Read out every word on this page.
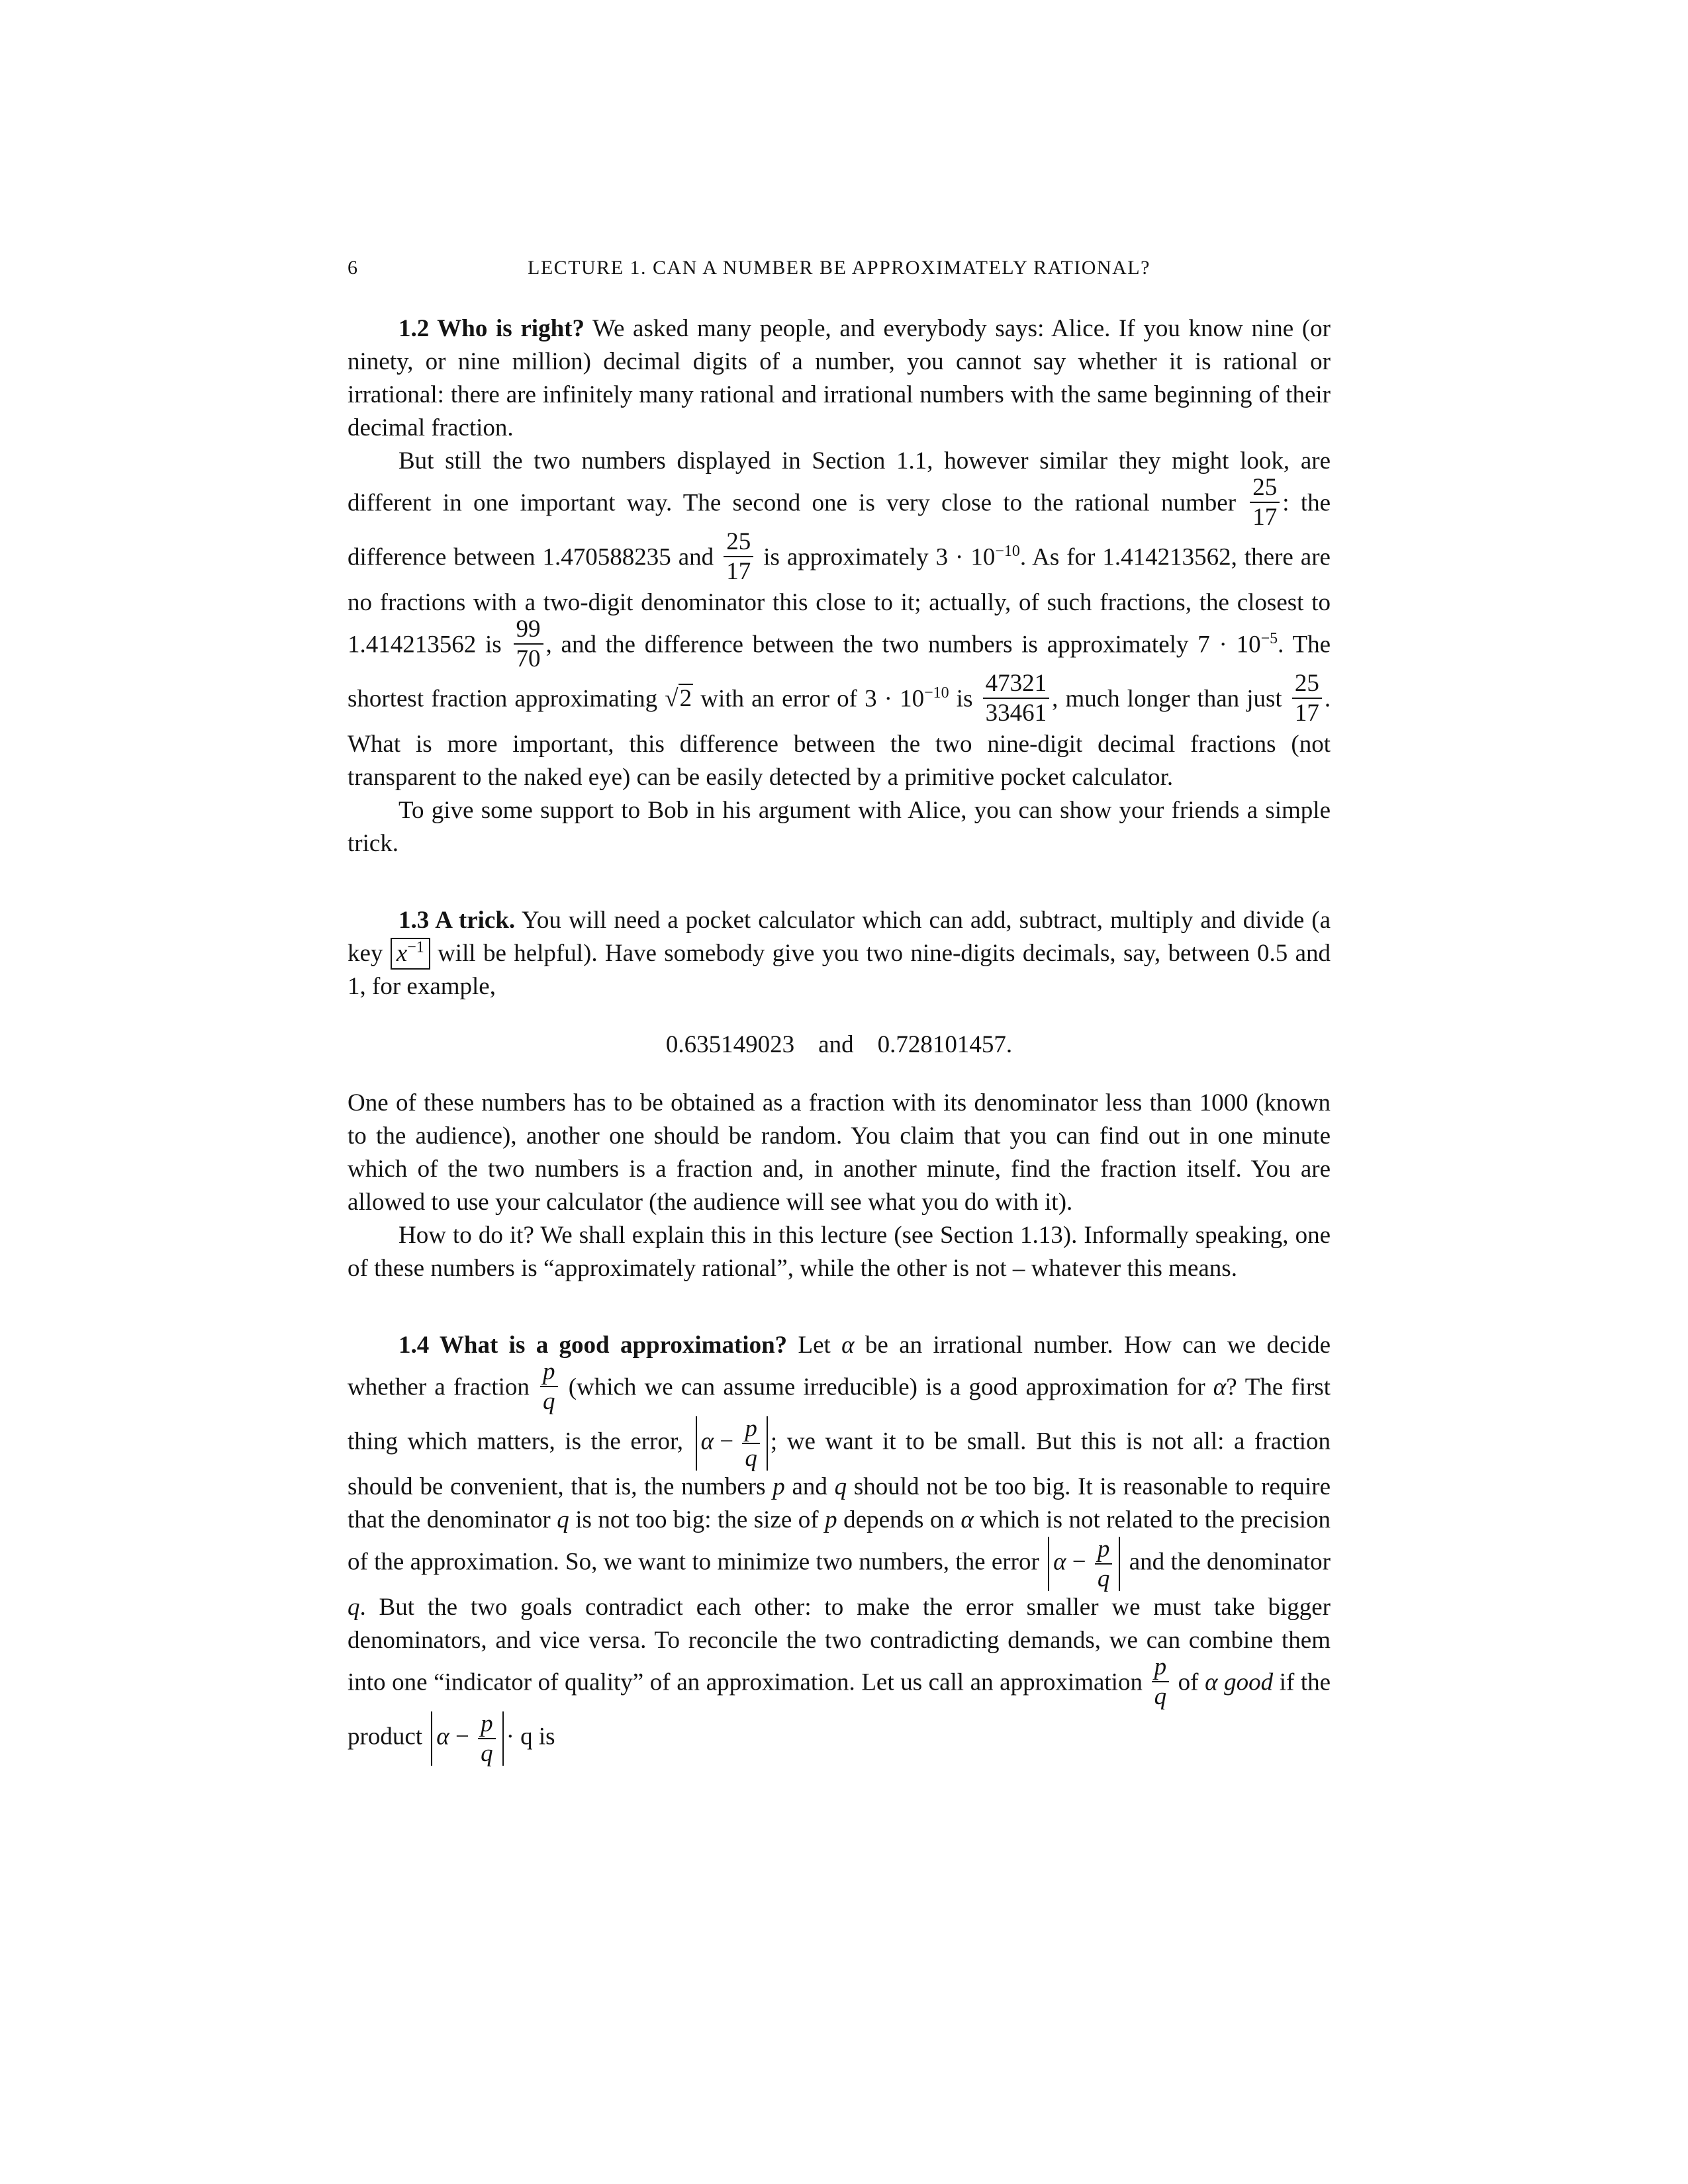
6	LECTURE 1. CAN A NUMBER BE APPROXIMATELY RATIONAL?

1.2 Who is right? We asked many people, and everybody says: Alice. If you know nine (or ninety, or nine million) decimal digits of a number, you cannot say whether it is rational or irrational: there are infinitely many rational and irrational numbers with the same beginning of their decimal fraction.

But still the two numbers displayed in Section 1.1, however similar they might look, are different in one important way. The second one is very close to the rational number $\frac{25}{17}$ : the difference between 1.470588235 and $\frac{25}{17}$ is approximately $3 \cdot 10^{-10}$. As for 1.414213562, there are no fractions with a two-digit denominator this close to it; actually, of such fractions, the closest to 1.414213562 is $\frac{99}{70}$ , and the difference between the two numbers is approximately $7 \cdot 10^{-5}$. The shortest fraction approximating √2 with an error of $3 \cdot 10^{-10}$ is $\frac{47321}{33461}$ , much longer than just $\frac{25}{17}$ . What is more important, this difference between the two nine-digit decimal fractions (not transparent to the naked eye) can be easily detected by a primitive pocket calculator.

To give some support to Bob in his argument with Alice, you can show your friends a simple trick.

1.3 A trick. You will need a pocket calculator which can add, subtract, multiply and divide (a key $x^{-1}$ will be helpful). Have somebody give you two nine-digits decimals, say, between 0.5 and 1, for example,

0.635149023 and 0.728101457.

One of these numbers has to be obtained as a fraction with its denominator less than 1000 (known to the audience), another one should be random. You claim that you can find out in one minute which of the two numbers is a fraction and, in another minute, find the fraction itself. You are allowed to use your calculator (the audience will see what you do with it).

How to do it? We shall explain this in this lecture (see Section 1.13). Informally speaking, one of these numbers is “approximately rational”, while the other is not – whatever this means.

1.4 What is a good approximation? Let α be an irrational number. How can we decide whether a fraction $\frac{p}{q}$ (which we can assume irreducible) is a good approximation for α? The first thing which matters, is the error, $\alpha - \frac{p}{q}$ ; we want it to be small. But this is not all: a fraction should be convenient, that is, the numbers p and q should not be too big. It is reasonable to require that the denominator q is not too big: the size of p depends on α which is not related to the precision of the approximation. So, we want to minimize two numbers, the error $\alpha - \frac{p}{q}$ and the denominator q. But the two goals contradict each other: to make the error smaller we must take bigger denominators, and vice versa. To reconcile the two contradicting demands, we can combine them into one “indicator of quality” of an approximation. Let us call an approximation $\frac{p}{q}$ of α good if the product $\alpha - \frac{p}{q} \cdot q$ is
